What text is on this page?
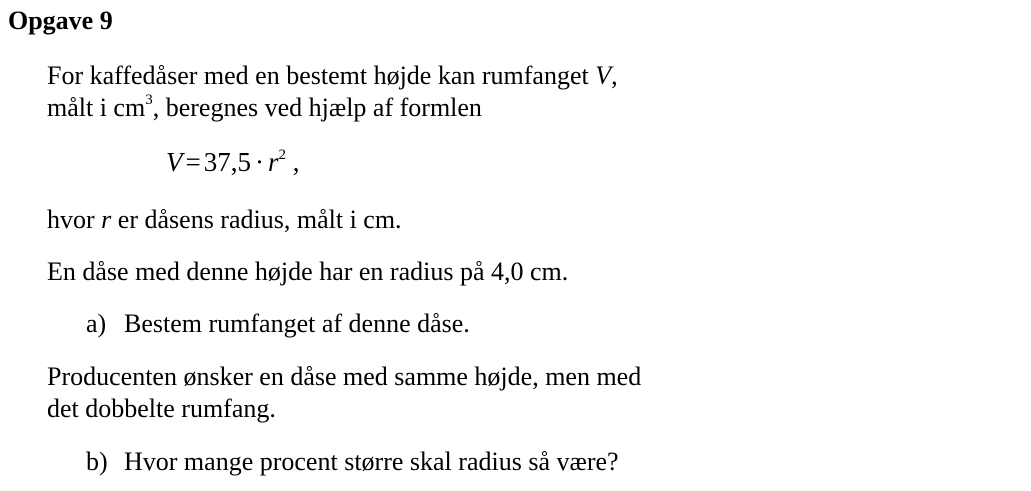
Opgave 9
For kaffedåser med en bestemt højde kan rumfanget V,
målt i $cm^3$, beregnes ved hjælp af formlen
$V = 37,5 \cdot r^2$ ,
hvor r er dåsens radius, målt i cm.
En dåse med denne højde har en radius på 4,0 cm.
a) Bestem rumfanget af denne dåse.
Producenten ønsker en dåse med samme højde, men med
det dobbelte rumfang.
b) Hvor mange procent større skal radius så være?
